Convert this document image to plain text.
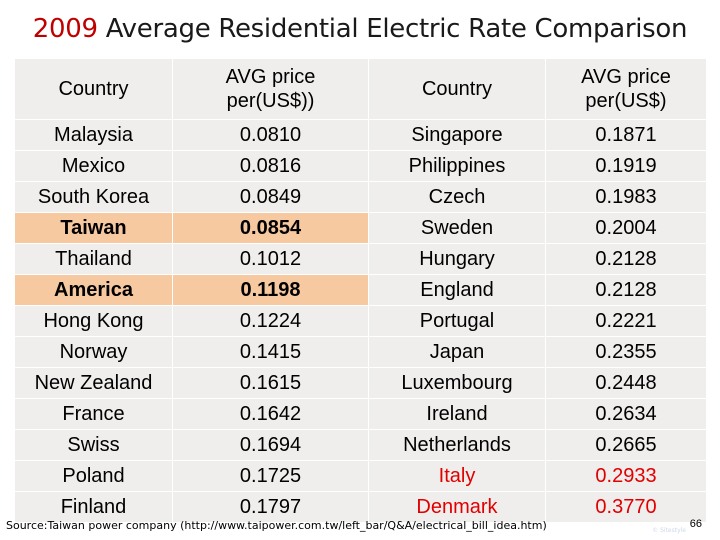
2009 Average Residential Electric Rate Comparison
Country	AVG price per(US$))	Country	AVG price per(US$)
Malaysia	0.0810	Singapore	0.1871
Mexico	0.0816	Philippines	0.1919
South Korea	0.0849	Czech	0.1983
Taiwan	0.0854	Sweden	0.2004
Thailand	0.1012	Hungary	0.2128
America	0.1198	England	0.2128
Hong Kong	0.1224	Portugal	0.2221
Norway	0.1415	Japan	0.2355
New Zealand	0.1615	Luxembourg	0.2448
France	0.1642	Ireland	0.2634
Swiss	0.1694	Netherlands	0.2665
Poland	0.1725	Italy	0.2933
Finland	0.1797	Denmark	0.3770
Source:Taiwan power company (http://www.taipower.com.tw/left_bar/Q&A/electrical_bill_idea.htm)	© Sitestyle
66
